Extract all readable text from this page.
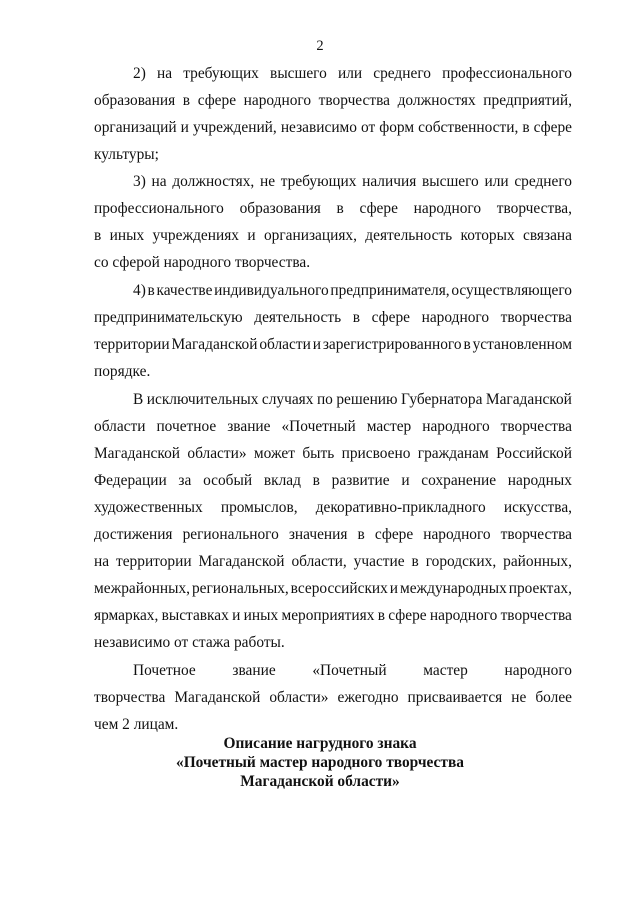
2
2) на требующих высшего или среднего профессионального
образования в сфере народного творчества должностях предприятий,
организаций и учреждений, независимо от форм собственности, в сфере
культуры;
3) на должностях, не требующих наличия высшего или среднего
профессионального образования в сфере народного творчества,
в иных учреждениях и организациях, деятельность которых связана
со сферой народного творчества.
4) в качестве индивидуального предпринимателя, осуществляющего
предпринимательскую деятельность в сфере народного творчества
территории Магаданской области и зарегистрированного в установленном
порядке.
В исключительных случаях по решению Губернатора Магаданской
области почетное звание «Почетный мастер народного творчества
Магаданской области» может быть присвоено гражданам Российской
Федерации за особый вклад в развитие и сохранение народных
художественных промыслов, декоративно-прикладного искусства,
достижения регионального значения в сфере народного творчества
на территории Магаданской области, участие в городских, районных,
межрайонных, региональных, всероссийских и международных проектах,
ярмарках, выставках и иных мероприятиях в сфере народного творчества
независимо от стажа работы.
Почетное звание «Почетный мастер народного
творчества Магаданской области» ежегодно присваивается не более
чем 2 лицам.
Описание нагрудного знака
«Почетный мастер народного творчества
Магаданской области»
